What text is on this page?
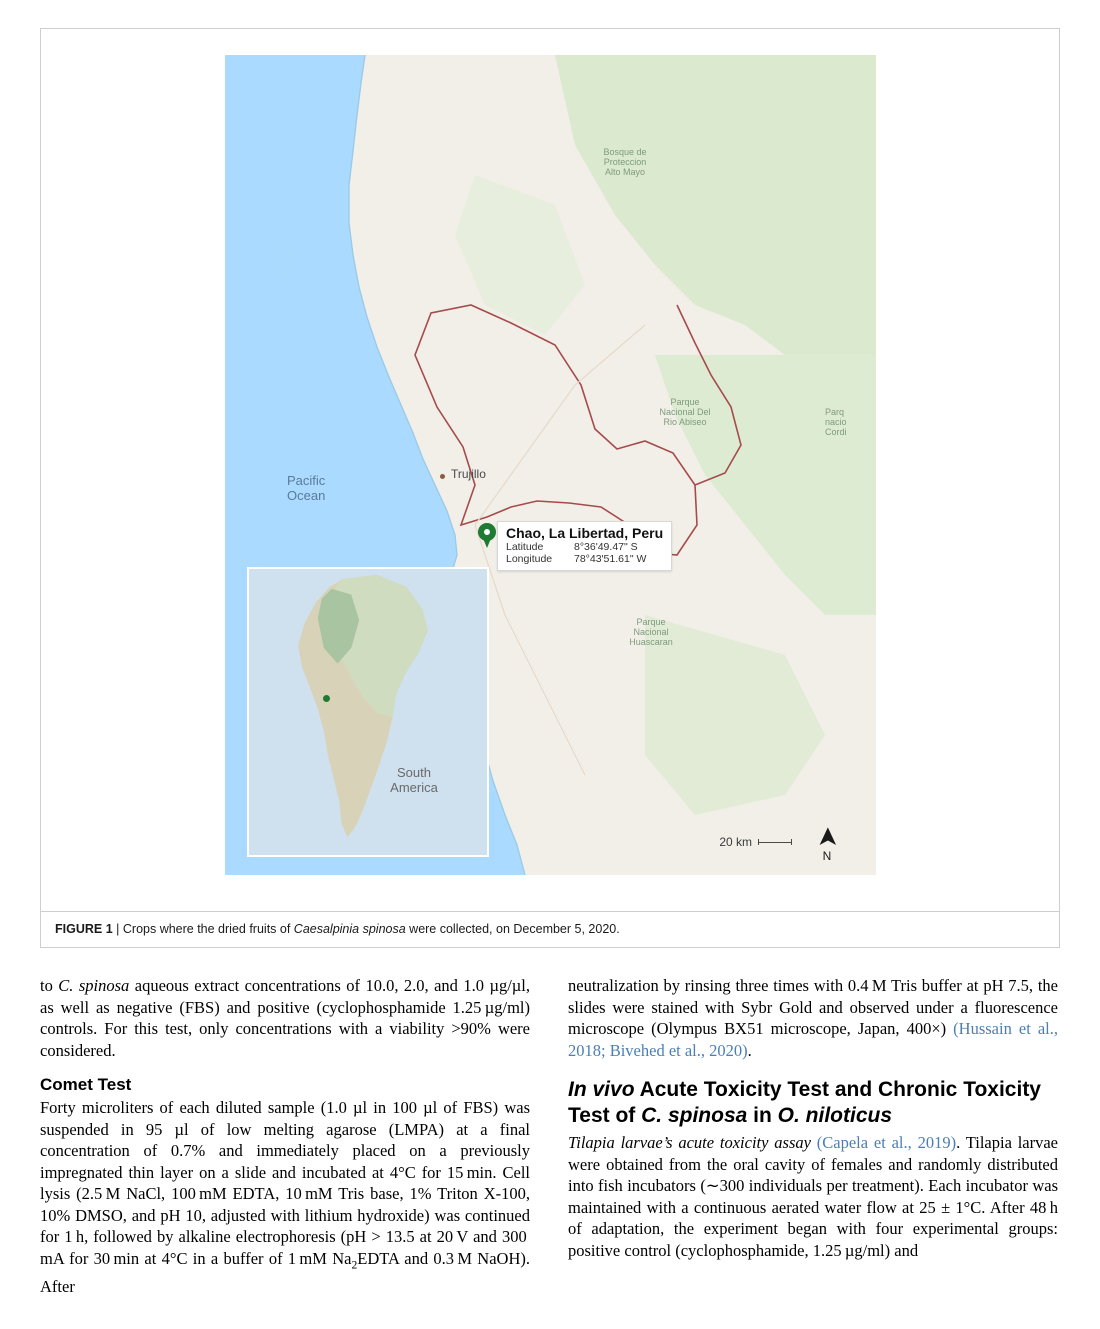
Pacific
Ocean
Trujillo
Bosque de
Proteccion
Alto Mayo
Parque
Nacional Del
Rio Abiseo
Parq
nacio
Cordi
Parque
Nacional
Huascaran
Chao, La Libertad, Peru
Latitude	8°36'49.47" S
Longitude	78°43'51.61" W
South
America
20 km ➤ N
FIGURE 1 | Crops where the dried fruits of Caesalpinia spinosa were collected, on December 5, 2020.

to C. spinosa aqueous extract concentrations of 10.0, 2.0, and 1.0 µg/µl, as well as negative (FBS) and positive (cyclophosphamide 1.25 µg/ml) controls. For this test, only concentrations with a viability >90% were considered.

Comet Test

Forty microliters of each diluted sample (1.0 µl in 100 µl of FBS) was suspended in 95 µl of low melting agarose (LMPA) at a final concentration of 0.7% and immediately placed on a previously impregnated thin layer on a slide and incubated at 4°C for 15 min. Cell lysis (2.5 M NaCl, 100 mM EDTA, 10 mM Tris base, 1% Triton X-100, 10% DMSO, and pH 10, adjusted with lithium hydroxide) was continued for 1 h, followed by alkaline electrophoresis (pH > 13.5 at 20 V and 300 mA for 30 min at 4°C in a buffer of 1 mM $Na_2EDTA$ and 0.3 M NaOH). After

neutralization by rinsing three times with 0.4 M Tris buffer at pH 7.5, the slides were stained with Sybr Gold and observed under a fluorescence microscope (Olympus BX51 microscope, Japan, 400×) (Hussain et al., 2018; Bivehed et al., 2020).

In vivo Acute Toxicity Test and Chronic Toxicity Test of C. spinosa in O. niloticus

Tilapia larvae’s acute toxicity assay (Capela et al., 2019). Tilapia larvae were obtained from the oral cavity of females and randomly distributed into fish incubators (∼300 individuals per treatment). Each incubator was maintained with a continuous aerated water flow at 25 ± 1°C. After 48 h of adaptation, the experiment began with four experimental groups: positive control (cyclophosphamide, 1.25 µg/ml) and
